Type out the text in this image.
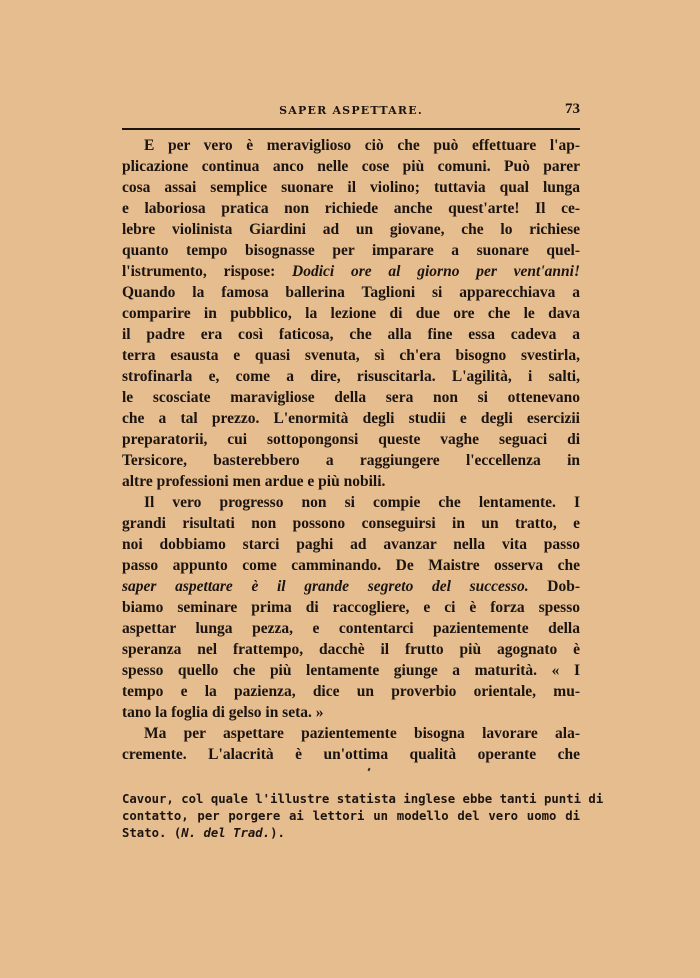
SAPER ASPETTARE.	73
E per vero è meraviglioso ciò che può effettuare l'ap-
plicazione continua anco nelle cose più comuni. Può parer
cosa assai semplice suonare il violino; tuttavia qual lunga
e laboriosa pratica non richiede anche quest'arte! Il ce-
lebre violinista Giardini ad un giovane, che lo richiese
quanto tempo bisognasse per imparare a suonare quel-
l'istrumento, rispose: Dodici ore al giorno per vent'anni!
Quando la famosa ballerina Taglioni si apparecchiava a
comparire in pubblico, la lezione di due ore che le dava
il padre era così faticosa, che alla fine essa cadeva a
terra esausta e quasi svenuta, sì ch'era bisogno svestirla,
strofinarla e, come a dire, risuscitarla. L'agilità, i salti,
le scosciate maravigliose della sera non si ottenevano
che a tal prezzo. L'enormità degli studii e degli esercizii
preparatorii, cui sottopongonsi queste vaghe seguaci di
Tersicore, basterebbero a raggiungere l'eccellenza in
altre professioni men ardue e più nobili.
Il vero progresso non si compie che lentamente. I
grandi risultati non possono conseguirsi in un tratto, e
noi dobbiamo starci paghi ad avanzar nella vita passo
passo appunto come camminando. De Maistre osserva che
saper aspettare è il grande segreto del successo. Dob-
biamo seminare prima di raccogliere, e ci è forza spesso
aspettar lunga pezza, e contentarci pazientemente della
speranza nel frattempo, dacchè il frutto più agognato è
spesso quello che più lentamente giunge a maturità. « I
tempo e la pazienza, dice un proverbio orientale, mu-
tano la foglia di gelso in seta. »
Ma per aspettare pazientemente bisogna lavorare ala-
cremente. L'alacrità è un'ottima qualità operante che
Cavour, col quale l'illustre statista inglese ebbe tanti punti di
contatto, per porgere ai lettori un modello del vero uomo di
Stato. (N. del Trad.).
